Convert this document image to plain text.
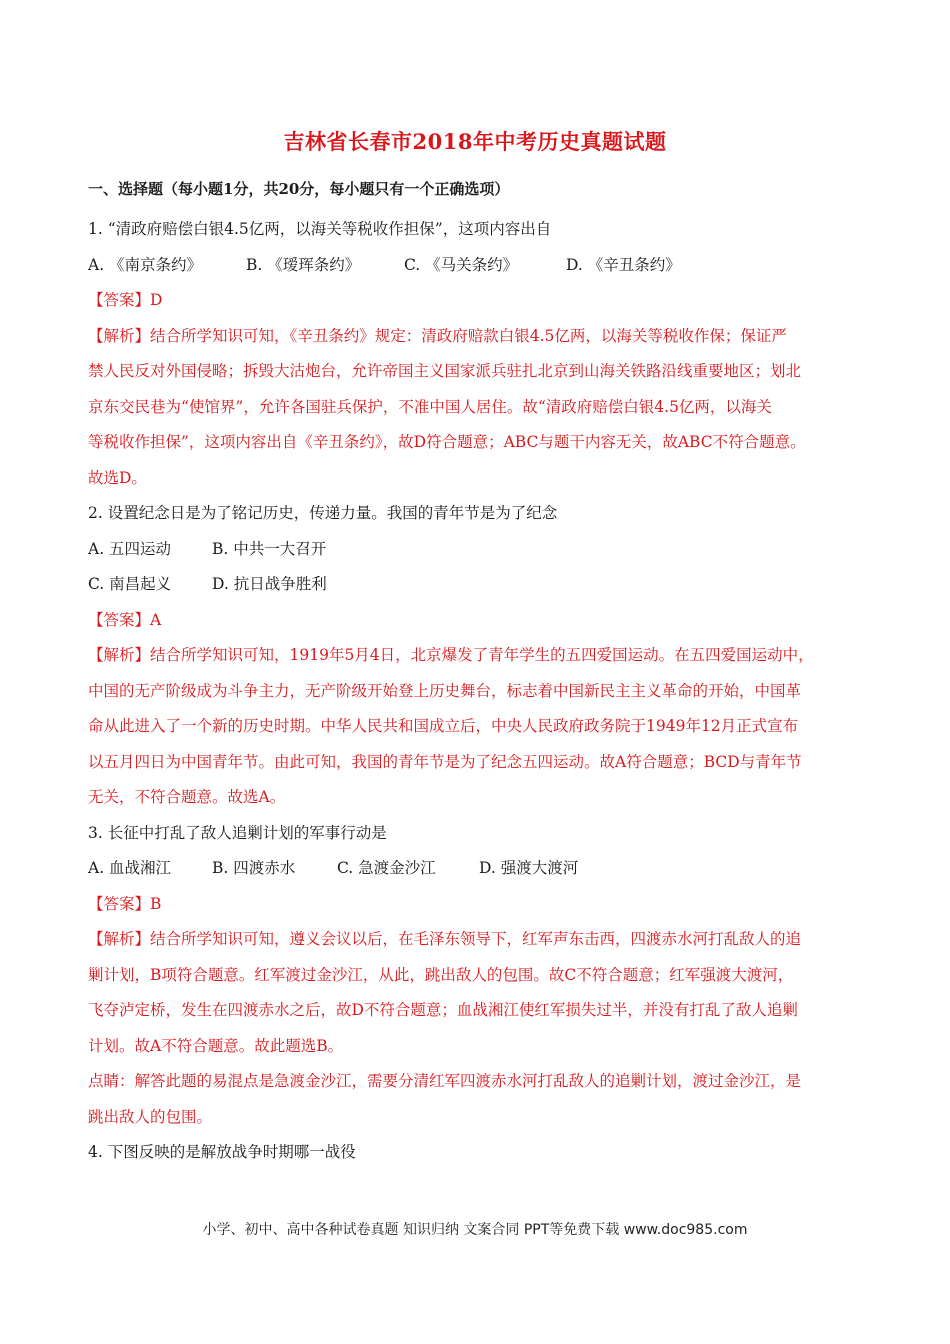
吉林省长春市2018年中考历史真题试题
一、选择题（每小题1分，共20分，每小题只有一个正确选项）
1. “清政府赔偿白银4.5亿两，以海关等税收作担保”，这项内容出自
A. 《南京条约》	B. 《瑷珲条约》	C. 《马关条约》	D. 《辛丑条约》
【答案】D
【解析】结合所学知识可知，《辛丑条约》规定：清政府赔款白银4.5亿两，以海关等税收作保；保证严
禁人民反对外国侵略；拆毁大沽炮台，允许帝国主义国家派兵驻扎北京到山海关铁路沿线重要地区；划北
京东交民巷为“使馆界”，允许各国驻兵保护，不准中国人居住。故“清政府赔偿白银4.5亿两，以海关
等税收作担保”，这项内容出自《辛丑条约》，故D符合题意；ABC与题干内容无关，故ABC不符合题意。
故选D。
2. 设置纪念日是为了铭记历史，传递力量。我国的青年节是为了纪念
A. 五四运动	B. 中共一大召开
C. 南昌起义	D. 抗日战争胜利
【答案】A
【解析】结合所学知识可知，1919年5月4日，北京爆发了青年学生的五四爱国运动。在五四爱国运动中，
中国的无产阶级成为斗争主力，无产阶级开始登上历史舞台，标志着中国新民主主义革命的开始，中国革
命从此进入了一个新的历史时期。中华人民共和国成立后，中央人民政府政务院于1949年12月正式宣布
以五月四日为中国青年节。由此可知，我国的青年节是为了纪念五四运动。故A符合题意；BCD与青年节
无关，不符合题意。故选A。
3. 长征中打乱了敌人追剿计划的军事行动是
A. 血战湘江	B. 四渡赤水	C. 急渡金沙江	D. 强渡大渡河
【答案】B
【解析】结合所学知识可知，遵义会议以后，在毛泽东领导下，红军声东击西，四渡赤水河打乱敌人的追
剿计划，B项符合题意。红军渡过金沙江，从此，跳出敌人的包围。故C不符合题意；红军强渡大渡河，
飞夺泸定桥，发生在四渡赤水之后，故D不符合题意；血战湘江使红军损失过半，并没有打乱了敌人追剿
计划。故A不符合题意。故此题选B。
点睛：解答此题的易混点是急渡金沙江，需要分清红军四渡赤水河打乱敌人的追剿计划，渡过金沙江，是
跳出敌人的包围。
4. 下图反映的是解放战争时期哪一战役
小学、初中、高中各种试卷真题 知识归纳 文案合同 PPT等免费下载 www.doc985.com
